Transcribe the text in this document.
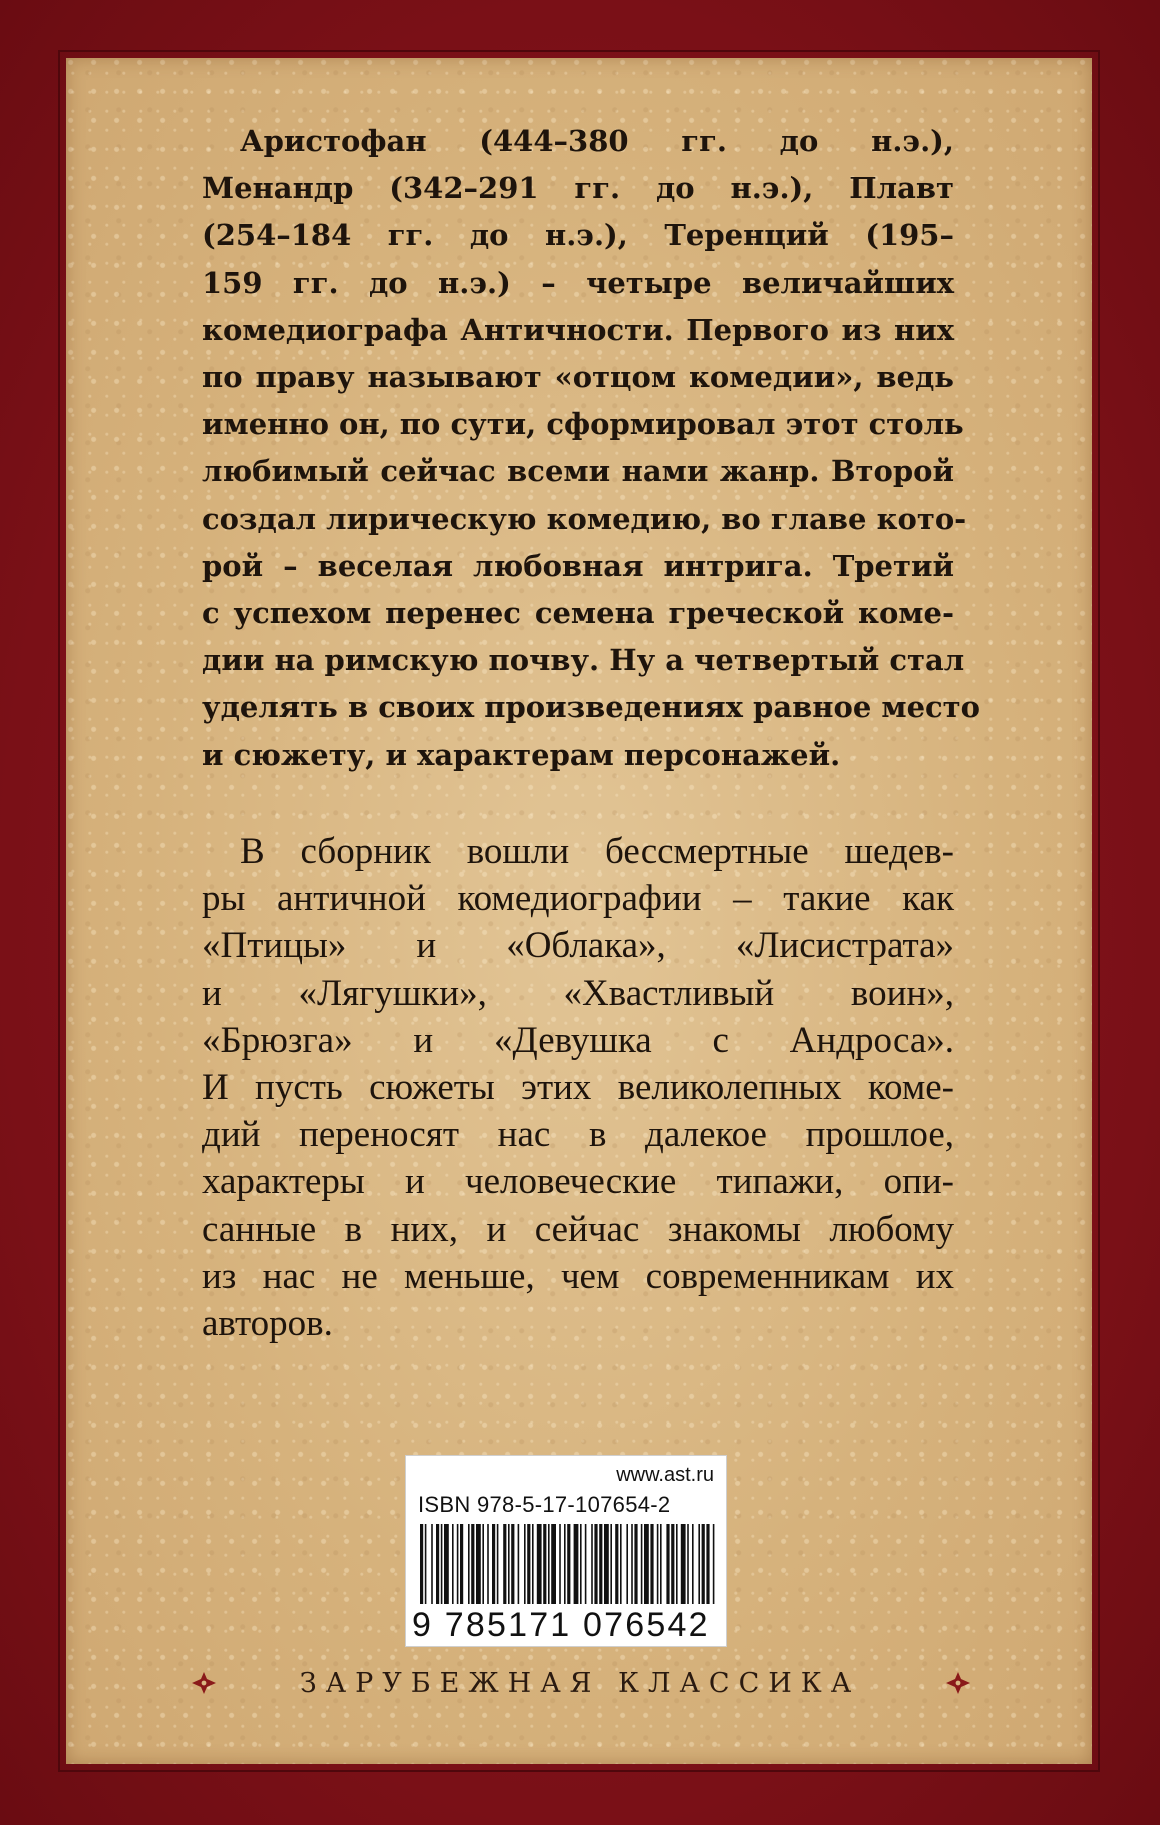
Аристофан (444–380 гг. до н.э.),
Менандр (342–291 гг. до н.э.), Плавт
(254–184 гг. до н.э.), Теренций (195–
159 гг. до н.э.) – четыре величайших
комедиографа Античности. Первого из них
по праву называют «отцом комедии», ведь
именно он, по сути, сформировал этот столь
любимый сейчас всеми нами жанр. Второй
создал лирическую комедию, во главе кото-
рой – веселая любовная интрига. Третий
с успехом перенес семена греческой коме-
дии на римскую почву. Ну а четвертый стал
уделять в своих произведениях равное место
и сюжету, и характерам персонажей.
В сборник вошли бессмертные шедев-
ры античной комедиографии – такие как
«Птицы» и «Облака», «Лисистрата»
и «Лягушки», «Хвастливый воин»,
«Брюзга» и «Девушка с Андроса».
И пусть сюжеты этих великолепных коме-
дий переносят нас в далекое прошлое,
характеры и человеческие типажи, опи-
санные в них, и сейчас знакомы любому
из нас не меньше, чем современникам их
авторов.
www.ast.ru
ISBN 978-5-17-107654-2
9 785171 076542
ЗАРУБЕЖНАЯ КЛАССИКА
